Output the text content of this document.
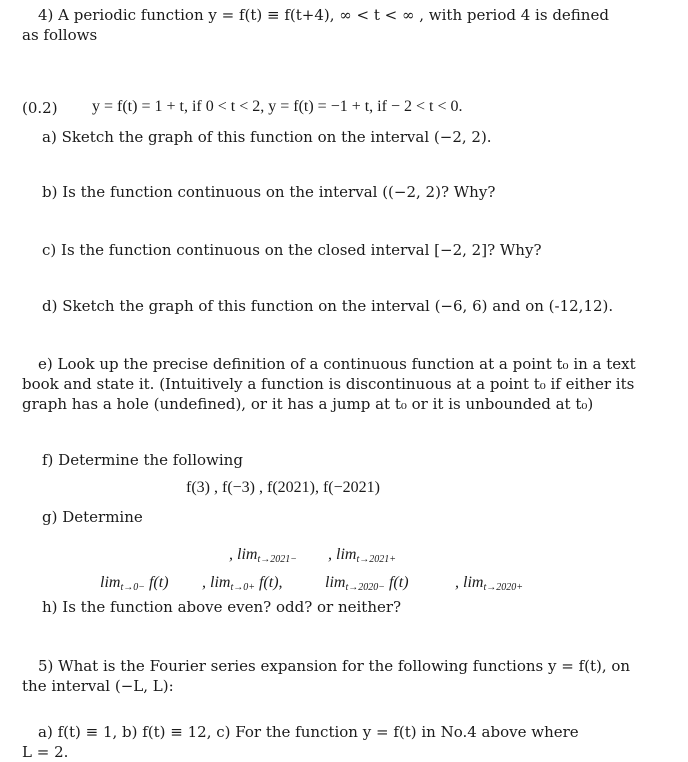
4) A periodic function y = f(t) ≡ f(t+4), ∞ < t < ∞ , with period 4 is defined
as follows
(0.2) y = f(t) = 1 + t, if 0 < t < 2, y = f(t) = −1 + t, if − 2 < t < 0.
a) Sketch the graph of this function on the interval (−2, 2).
b) Is the function continuous on the interval ((−2, 2)? Why?
c) Is the function continuous on the closed interval [−2, 2]? Why?
d) Sketch the graph of this function on the interval (−6, 6) and on (-12,12).
e) Look up the precise definition of a continuous function at a point t₀ in a text
book and state it. (Intuitively a function is discontinuous at a point t₀ if either its
graph has a hole (undefined), or it has a jump at t₀ or it is unbounded at t₀)
f) Determine the following
f(3) , f(−3) , f(2021), f(−2021)
g) Determine
, limt→2021− , limt→2021+
limt→0− f(t) , limt→0+ f(t),	limt→2020− f(t)	, limt→2020+
h) Is the function above even? odd? or neither?
5) What is the Fourier series expansion for the following functions y = f(t), on
the interval (−L, L):
a) f(t) ≡ 1, b) f(t) ≡ 12, c) For the function y = f(t) in No.4 above where
L = 2.
